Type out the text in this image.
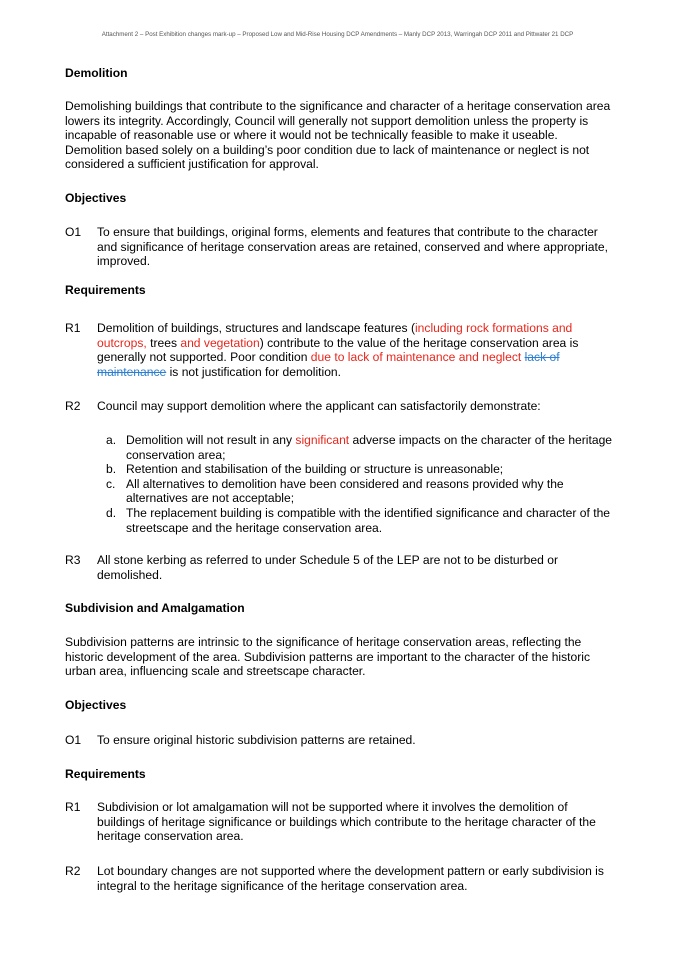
Attachment 2 – Post Exhibition changes mark-up – Proposed Low and Mid-Rise Housing DCP Amendments – Manly DCP 2013, Warringah DCP 2011 and Pittwater 21 DCP
Demolition

Demolishing buildings that contribute to the significance and character of a heritage conservation area lowers its integrity. Accordingly, Council will generally not support demolition unless the property is incapable of reasonable use or where it would not be technically feasible to make it useable. Demolition based solely on a building’s poor condition due to lack of maintenance or neglect is not considered a sufficient justification for approval.

Objectives
O1	To ensure that buildings, original forms, elements and features that contribute to the character and significance of heritage conservation areas are retained, conserved and where appropriate, improved.
Requirements
R1	Demolition of buildings, structures and landscape features (including rock formations and outcrops, trees and vegetation) contribute to the value of the heritage conservation area is generally not supported. Poor condition due to lack of maintenance and neglect lack of maintenance is not justification for demolition.
R2	Council may support demolition where the applicant can satisfactorily demonstrate:
a. Demolition will not result in any significant adverse impacts on the character of the heritage conservation area;
b. Retention and stabilisation of the building or structure is unreasonable;
c. All alternatives to demolition have been considered and reasons provided why the alternatives are not acceptable;
d. The replacement building is compatible with the identified significance and character of the streetscape and the heritage conservation area.
R3	All stone kerbing as referred to under Schedule 5 of the LEP are not to be disturbed or demolished.
Subdivision and Amalgamation

Subdivision patterns are intrinsic to the significance of heritage conservation areas, reflecting the historic development of the area. Subdivision patterns are important to the character of the historic urban area, influencing scale and streetscape character.

Objectives
O1	To ensure original historic subdivision patterns are retained.
Requirements
R1	Subdivision or lot amalgamation will not be supported where it involves the demolition of buildings of heritage significance or buildings which contribute to the heritage character of the heritage conservation area.
R2	Lot boundary changes are not supported where the development pattern or early subdivision is integral to the heritage significance of the heritage conservation area.
